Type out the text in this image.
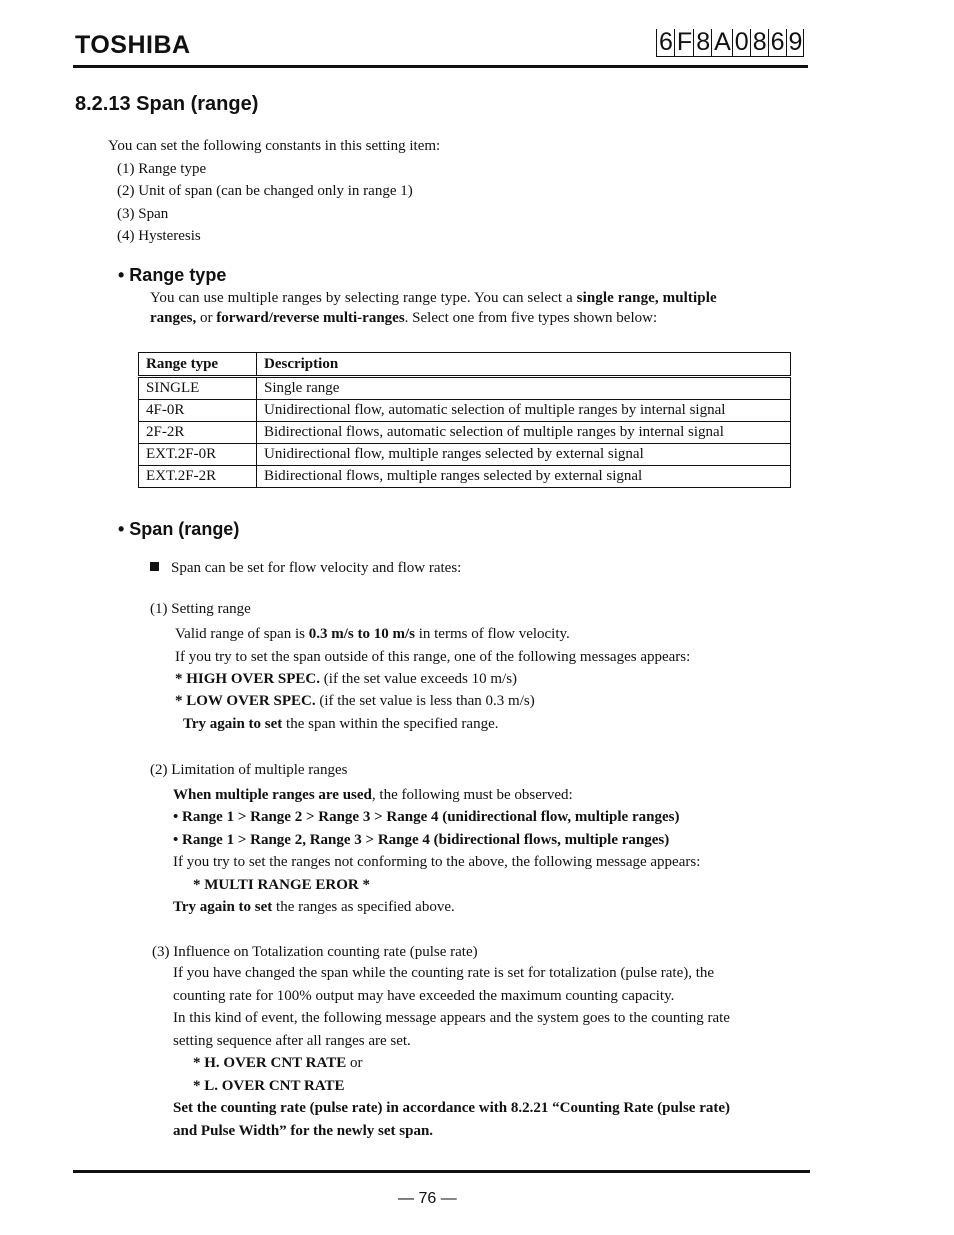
TOSHIBA	6 F 8 A 0 8 6 9
8.2.13 Span (range)
You can set the following constants in this setting item:
(1) Range type
(2) Unit of span (can be changed only in range 1)
(3) Span
(4) Hysteresis
• Range type
You can use multiple ranges by selecting range type. You can select a single range, multiple
ranges, or forward/reverse multi-ranges. Select one from five types shown below:
Range type	Description
SINGLE	Single range
4F-0R	Unidirectional flow, automatic selection of multiple ranges by internal signal
2F-2R	Bidirectional flows, automatic selection of multiple ranges by internal signal
EXT.2F-0R	Unidirectional flow, multiple ranges selected by external signal
EXT.2F-2R	Bidirectional flows, multiple ranges selected by external signal
• Span (range)
Span can be set for flow velocity and flow rates:
(1) Setting range
Valid range of span is 0.3 m/s to 10 m/s in terms of flow velocity.
If you try to set the span outside of this range, one of the following messages appears:
* HIGH OVER SPEC. (if the set value exceeds 10 m/s)
* LOW OVER SPEC. (if the set value is less than 0.3 m/s)
Try again to set the span within the specified range.
(2) Limitation of multiple ranges
When multiple ranges are used, the following must be observed:
• Range 1 > Range 2 > Range 3 > Range 4 (unidirectional flow, multiple ranges)
• Range 1 > Range 2, Range 3 > Range 4 (bidirectional flows, multiple ranges)
If you try to set the ranges not conforming to the above, the following message appears:
* MULTI RANGE EROR *
Try again to set the ranges as specified above.
(3) Influence on Totalization counting rate (pulse rate)
If you have changed the span while the counting rate is set for totalization (pulse rate), the
counting rate for 100% output may have exceeded the maximum counting capacity.
In this kind of event, the following message appears and the system goes to the counting rate
setting sequence after all ranges are set.
* H. OVER CNT RATE or
* L. OVER CNT RATE
Set the counting rate (pulse rate) in accordance with 8.2.21 “Counting Rate (pulse rate)
and Pulse Width” for the newly set span.
— 76 —
